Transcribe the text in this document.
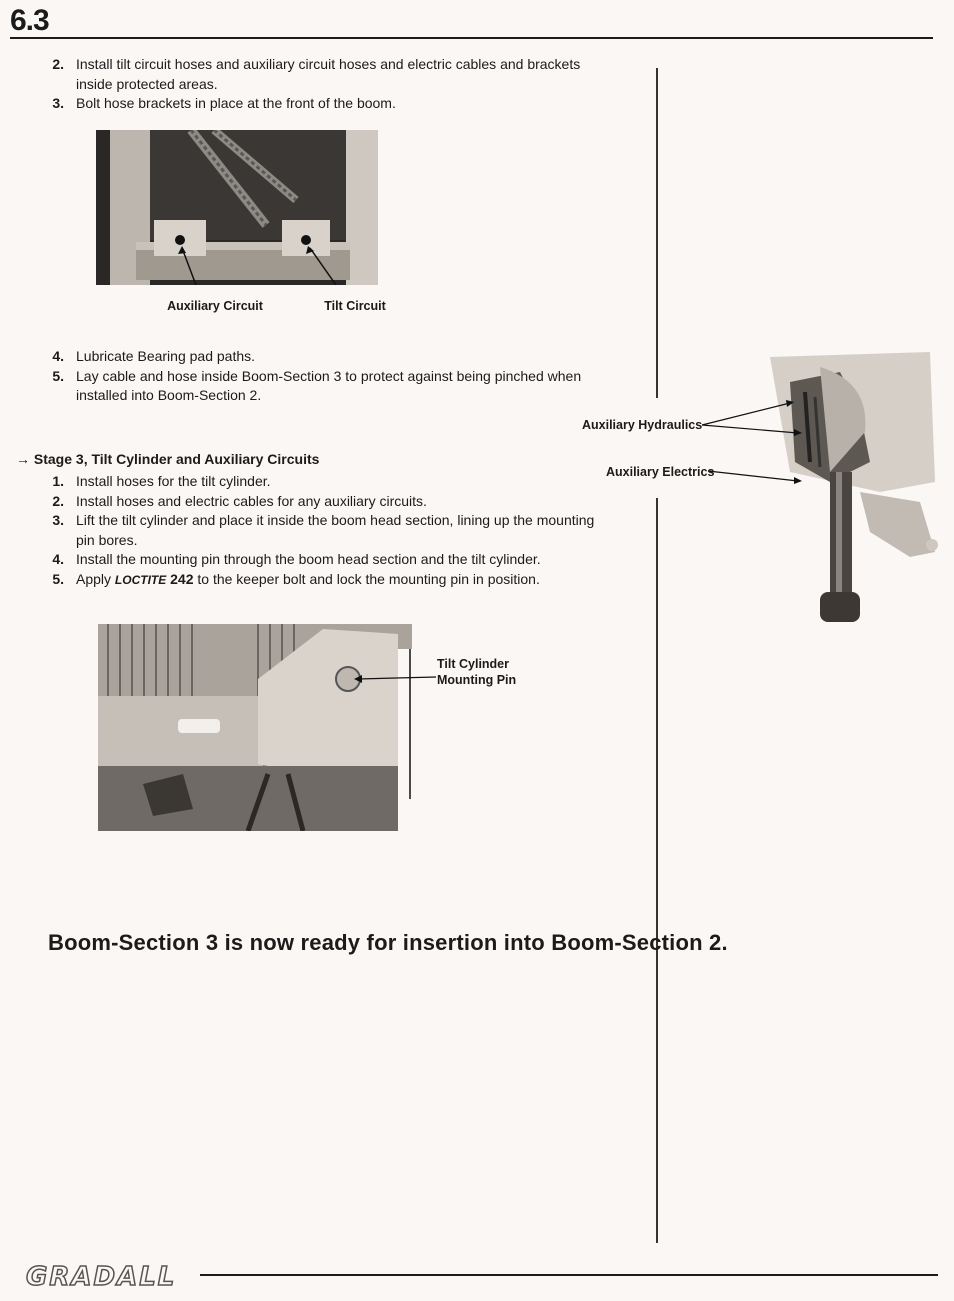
6.3
2. Install tilt circuit hoses and auxiliary circuit hoses and electric cables and brackets inside protected areas.
3. Bolt hose brackets in place at the front of the boom.
Auxiliary Circuit	Tilt Circuit
4. Lubricate Bearing pad paths.
5. Lay cable and hose inside Boom-Section 3 to protect against being pinched when installed into Boom-Section 2.
Auxiliary Hydraulics
Auxiliary Electrics
→ Stage 3, Tilt Cylinder and Auxiliary Circuits
1. Install hoses for the tilt cylinder.
2. Install hoses and electric cables for any auxiliary circuits.
3. Lift the tilt cylinder and place it inside the boom head section, lining up the mounting pin bores.
4. Install the mounting pin through the boom head section and the tilt cylinder.
5. Apply LOCTITE 242 to the keeper bolt and lock the mounting pin in position.
Tilt Cylinder
Mounting Pin
Boom-Section 3 is now ready for insertion into Boom-Section 2.
GRADALL
